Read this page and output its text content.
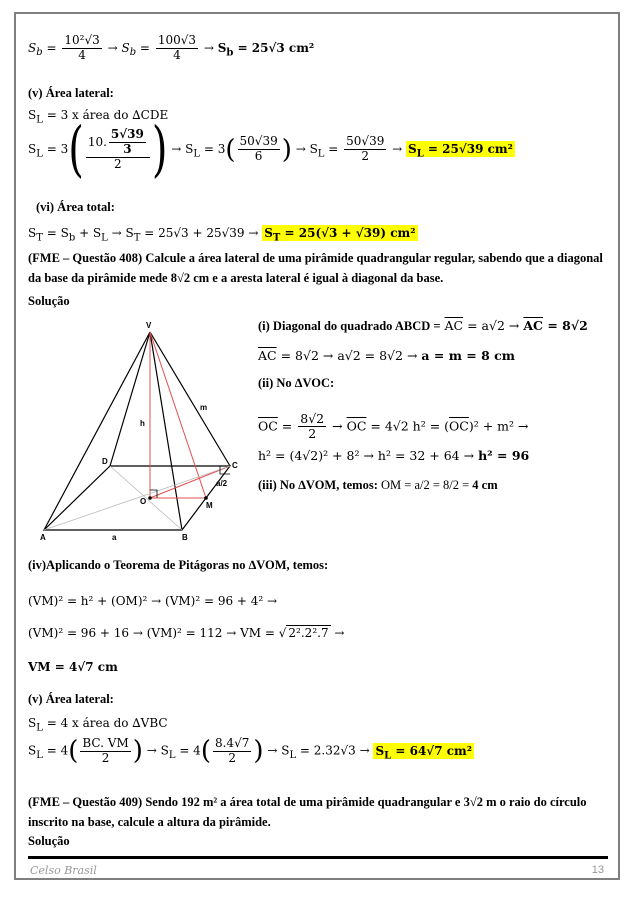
$S_b = \frac{\text{10²√3}}{4} \to S_b = \frac{100√3}{4} \to S_b = 25√3$ cm²
(v) Área lateral:
$S_L = 3$ x área do ∆CDE
$S_L = 3( \frac{10. \frac{5√39}{3}}{2}$ ) → $S_L = 3( \frac{50√39}{6}$ ) → $S_L = \frac{50√39}{2} \to S_L = 25√39$ cm²
(vi) Área total:
$S_T = S_b + S_L \to S_T = 25√3 + 25√39 \to S_T = 25(√3 + √39)$ cm²
(FME – Questão 408) Calcule a área lateral de uma pirâmide quadrangular regular, sabendo que a diagonal da base da pirâmide mede 8√2 cm e a aresta lateral é igual à diagonal da base.
Solução
(i) Diagonal do quadrado ABCD = $\overline{AC} = a√2 \to \overline{AC} = 8√2$
$\overline{AC} = 8√2 \to a√2 = 8√2 \to a = m = 8$ cm
(ii) No ∆VOC:
$\overline{OC} = \frac{8√2}{2} \to \overline{OC} = 4√2$ $h^2 = (\overline{OC})^2 + m^2$ →
h² = (4√2)² + 8² → h² = 32 + 64 → h² = 96
(iii) No ∆VOM, temos: OM = a/2 = 8/2 = 4 cm
V
h
m
D	C
O	M
a/2
A	a	B
(iv)Aplicando o Teorema de Pitágoras no ∆VOM, temos:
(VM)² = h² + (OM)² → (VM)² = 96 + 4² →
(VM)² = 96 + 16 → (VM)² = 112 → VM = √ 2².2².7 →
VM = 4√7 cm
(v) Área lateral:
$S_L = 4$ x área do ∆VBC
$S_L = 4( \frac{BC. VM}{2}$ ) → $S_L = 4( \frac{8.4√7}{2}$ ) → $S_L = 2.32√3 \to S_L = 64√7$ cm²
(FME – Questão 409) Sendo 192 m² a área total de uma pirâmide quadrangular e 3√2 m o raio do círculo inscrito na base, calcule a altura da pirâmide.
Solução
Celso Brasil	13
